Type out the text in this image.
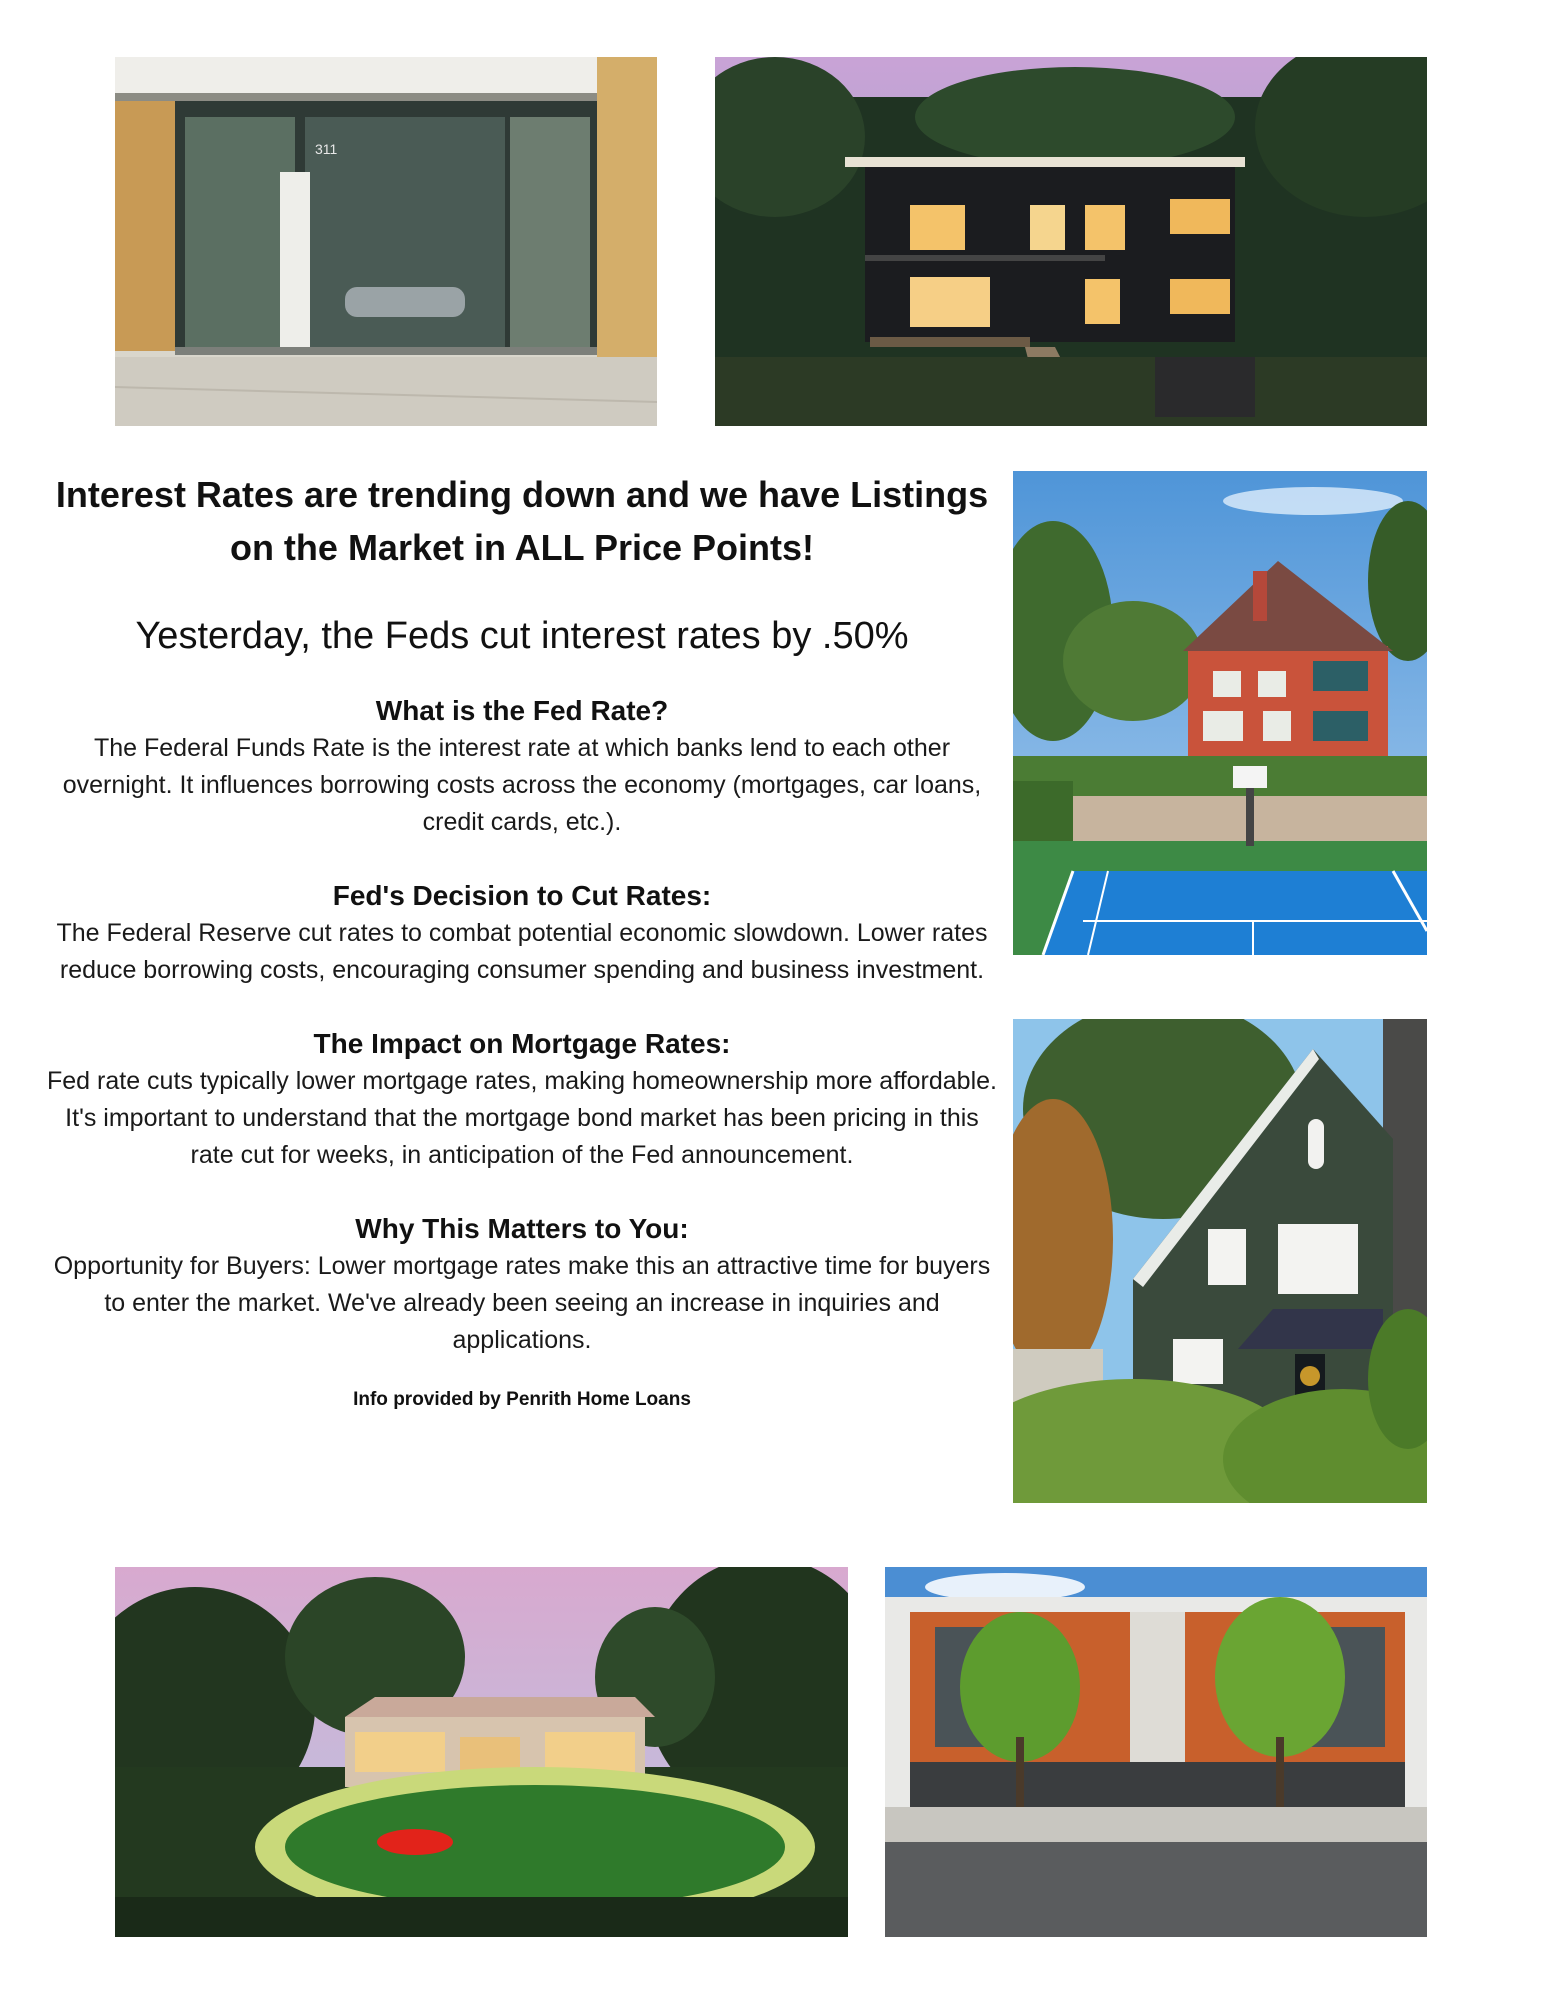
311
Interest Rates are trending down and we have Listings on the Market in ALL Price Points!
Yesterday, the Feds cut interest rates by .50%
What is the Fed Rate?

The Federal Funds Rate is the interest rate at which banks lend to each other overnight. It influences borrowing costs across the economy (mortgages, car loans, credit cards, etc.).

Fed's Decision to Cut Rates:

The Federal Reserve cut rates to combat potential economic slowdown. Lower rates reduce borrowing costs, encouraging consumer spending and business investment.

The Impact on Mortgage Rates:

Fed rate cuts typically lower mortgage rates, making homeownership more affordable. It's important to understand that the mortgage bond market has been pricing in this rate cut for weeks, in anticipation of the Fed announcement.

Why This Matters to You:

Opportunity for Buyers: Lower mortgage rates make this an attractive time for buyers to enter the market. We've already been seeing an increase in inquiries and applications.

Info provided by Penrith Home Loans
